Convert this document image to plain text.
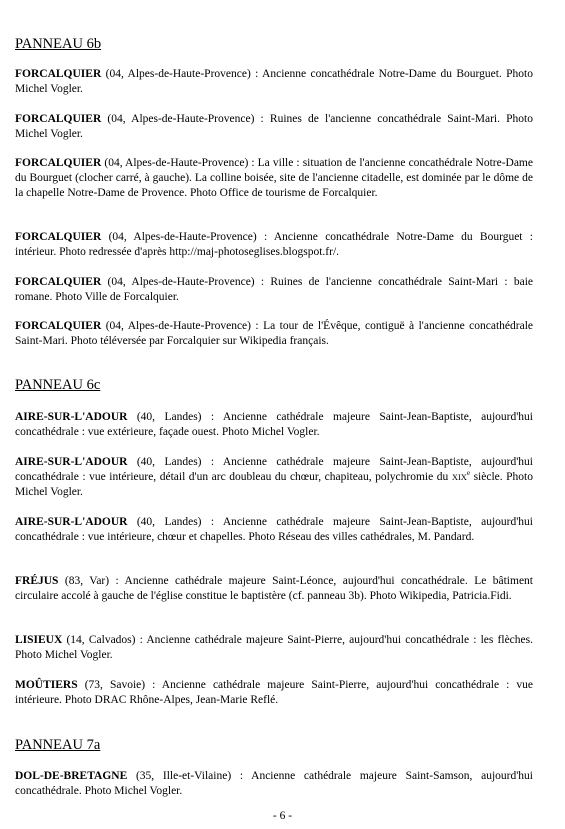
PANNEAU 6b

FORCALQUIER (04, Alpes-de-Haute-Provence) : Ancienne concathédrale Notre-Dame du Bourguet. Photo Michel Vogler.

FORCALQUIER (04, Alpes-de-Haute-Provence) : Ruines de l'ancienne concathédrale Saint-Mari. Photo Michel Vogler.

FORCALQUIER (04, Alpes-de-Haute-Provence) : La ville : situation de l'ancienne concathédrale Notre-Dame du Bourguet (clocher carré, à gauche). La colline boisée, site de l'ancienne citadelle, est dominée par le dôme de la chapelle Notre-Dame de Provence. Photo Office de tourisme de Forcalquier.

FORCALQUIER (04, Alpes-de-Haute-Provence) : Ancienne concathédrale Notre-Dame du Bourguet : intérieur. Photo redressée d'après http://maj-photoseglises.blogspot.fr/.

FORCALQUIER (04, Alpes-de-Haute-Provence) : Ruines de l'ancienne concathédrale Saint-Mari : baie romane. Photo Ville de Forcalquier.

FORCALQUIER (04, Alpes-de-Haute-Provence) : La tour de l'Évêque, contiguë à l'ancienne concathédrale Saint-Mari. Photo téléversée par Forcalquier sur Wikipedia français.

PANNEAU 6c

AIRE-SUR-L'ADOUR (40, Landes) : Ancienne cathédrale majeure Saint-Jean-Baptiste, aujourd'hui concathédrale : vue extérieure, façade ouest. Photo Michel Vogler.

AIRE-SUR-L'ADOUR (40, Landes) : Ancienne cathédrale majeure Saint-Jean-Baptiste, aujourd'hui concathédrale : vue intérieure, détail d'un arc doubleau du chœur, chapiteau, polychromie du XIXe siècle. Photo Michel Vogler.

AIRE-SUR-L'ADOUR (40, Landes) : Ancienne cathédrale majeure Saint-Jean-Baptiste, aujourd'hui concathédrale : vue intérieure, chœur et chapelles. Photo Réseau des villes cathédrales, M. Pandard.

FRÉJUS (83, Var) : Ancienne cathédrale majeure Saint-Léonce, aujourd'hui concathédrale. Le bâtiment circulaire accolé à gauche de l'église constitue le baptistère (cf. panneau 3b). Photo Wikipedia, Patricia.Fidi.

LISIEUX (14, Calvados) : Ancienne cathédrale majeure Saint-Pierre, aujourd'hui concathédrale : les flèches. Photo Michel Vogler.

MOÛTIERS (73, Savoie) : Ancienne cathédrale majeure Saint-Pierre, aujourd'hui concathédrale : vue intérieure. Photo DRAC Rhône-Alpes, Jean-Marie Reflé.

PANNEAU 7a

DOL-DE-BRETAGNE (35, Ille-et-Vilaine) : Ancienne cathédrale majeure Saint-Samson, aujourd'hui concathédrale. Photo Michel Vogler.

- 6 -
